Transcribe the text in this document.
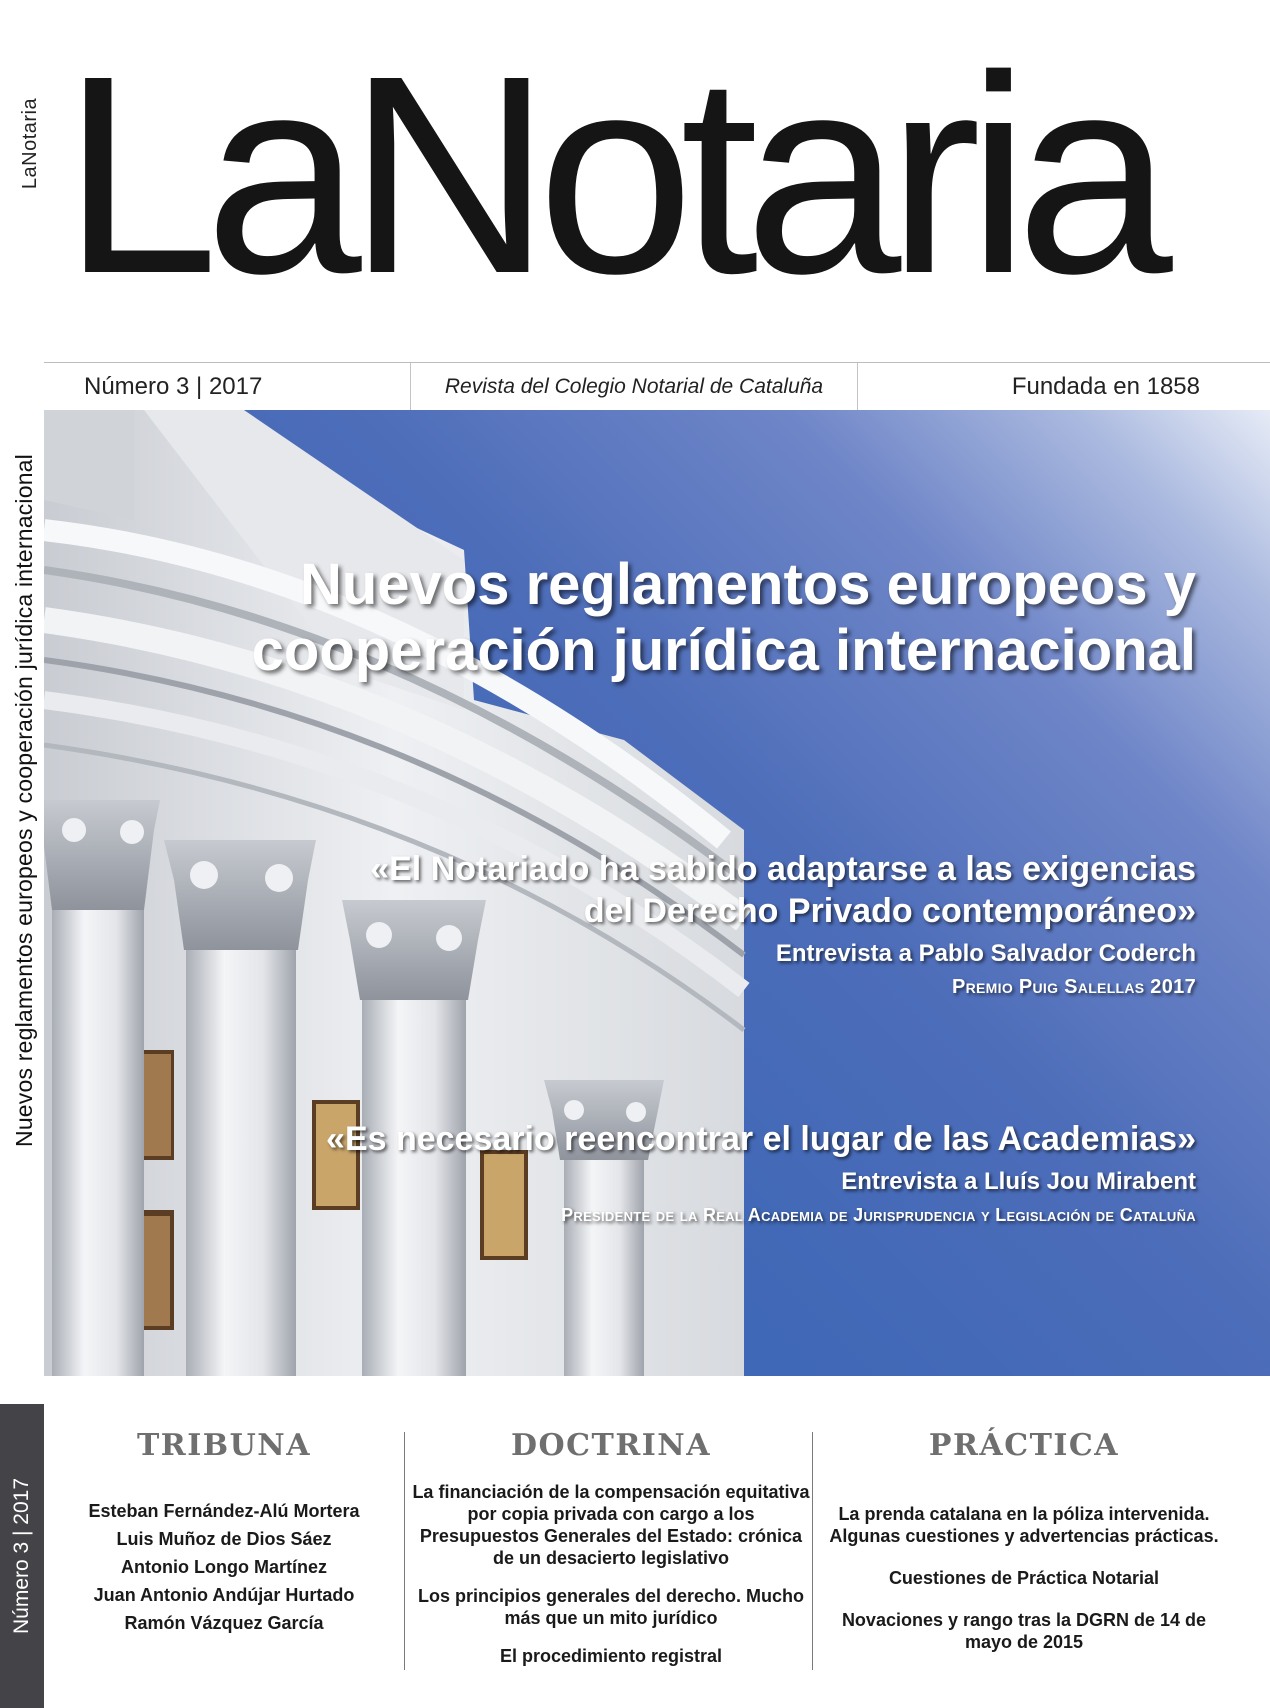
LaNotaria LaNotaria
Número 3 | 2017	Revista del Colegio Notarial de Cataluña	Fundada en 1858
Nuevos reglamentos europeos y cooperación jurídica internacional	Nuevos reglamentos europeos y
cooperación jurídica internacional
«El Notariado ha sabido adaptarse a las exigencias
del Derecho Privado contemporáneo»
Entrevista a Pablo Salvador Coderch
Premio Puig Salellas 2017
«Es necesario reencontrar el lugar de las Academias»
Entrevista a Lluís Jou Mirabent
Presidente de la Real Academia de Jurisprudencia y Legislación de Cataluña
Número 3 | 2017
TRIBUNA
Esteban Fernández-Alú Mortera
Luis Muñoz de Dios Sáez
Antonio Longo Martínez
Juan Antonio Andújar Hurtado
Ramón Vázquez García
DOCTRINA
La financiación de la compensación equitativa por copia privada con cargo a los Presupuestos Generales del Estado: crónica de un desacierto legislativo
Los principios generales del derecho. Mucho más que un mito jurídico
El procedimiento registral
PRÁCTICA
La prenda catalana en la póliza intervenida. Algunas cuestiones y advertencias prácticas.
Cuestiones de Práctica Notarial
Novaciones y rango tras la DGRN de 14 de mayo de 2015
